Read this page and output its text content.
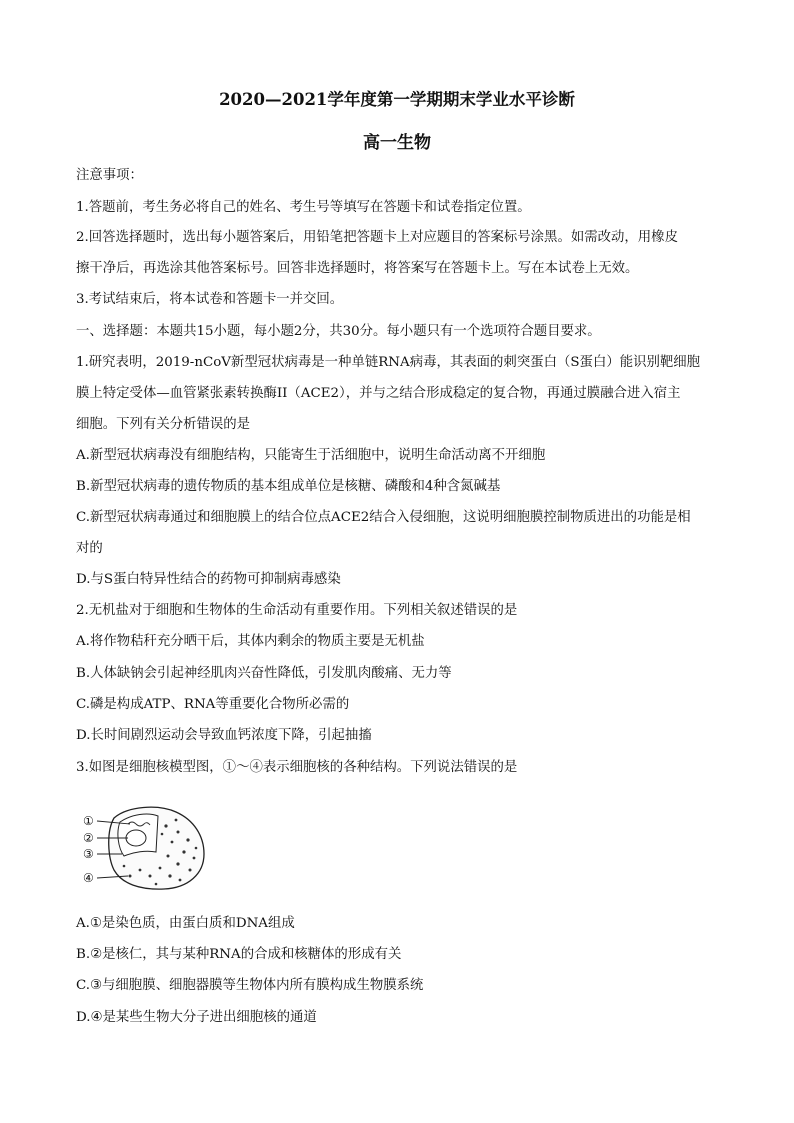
2020—2021学年度第一学期期末学业水平诊断
高一生物
注意事项：
1.答题前，考生务必将自己的姓名、考生号等填写在答题卡和试卷指定位置。
2.回答选择题时，选出每小题答案后，用铅笔把答题卡上对应题目的答案标号涂黑。如需改动，用橡皮
擦干净后，再选涂其他答案标号。回答非选择题时，将答案写在答题卡上。写在本试卷上无效。
3.考试结束后，将本试卷和答题卡一并交回。
一、选择题：本题共15小题，每小题2分，共30分。每小题只有一个选项符合题目要求。
1.研究表明，2019-nCoV新型冠状病毒是一种单链RNA病毒，其表面的刺突蛋白（S蛋白）能识别靶细胞
膜上特定受体—血管紧张素转换酶II（ACE2），并与之结合形成稳定的复合物，再通过膜融合进入宿主
细胞。下列有关分析错误的是
A.新型冠状病毒没有细胞结构，只能寄生于活细胞中，说明生命活动离不开细胞
B.新型冠状病毒的遗传物质的基本组成单位是核糖、磷酸和4种含氮碱基
C.新型冠状病毒通过和细胞膜上的结合位点ACE2结合入侵细胞，这说明细胞膜控制物质进出的功能是相
对的
D.与S蛋白特异性结合的药物可抑制病毒感染
2.无机盐对于细胞和生物体的生命活动有重要作用。下列相关叙述错误的是
A.将作物秸秆充分晒干后，其体内剩余的物质主要是无机盐
B.人体缺钠会引起神经肌肉兴奋性降低，引发肌肉酸痛、无力等
C.磷是构成ATP、RNA等重要化合物所必需的
D.长时间剧烈运动会导致血钙浓度下降，引起抽搐
3.如图是细胞核模型图，①～④表示细胞核的各种结构。下列说法错误的是
①
②
③
④
A.①是染色质，由蛋白质和DNA组成
B.②是核仁，其与某种RNA的合成和核糖体的形成有关
C.③与细胞膜、细胞器膜等生物体内所有膜构成生物膜系统
D.④是某些生物大分子进出细胞核的通道
